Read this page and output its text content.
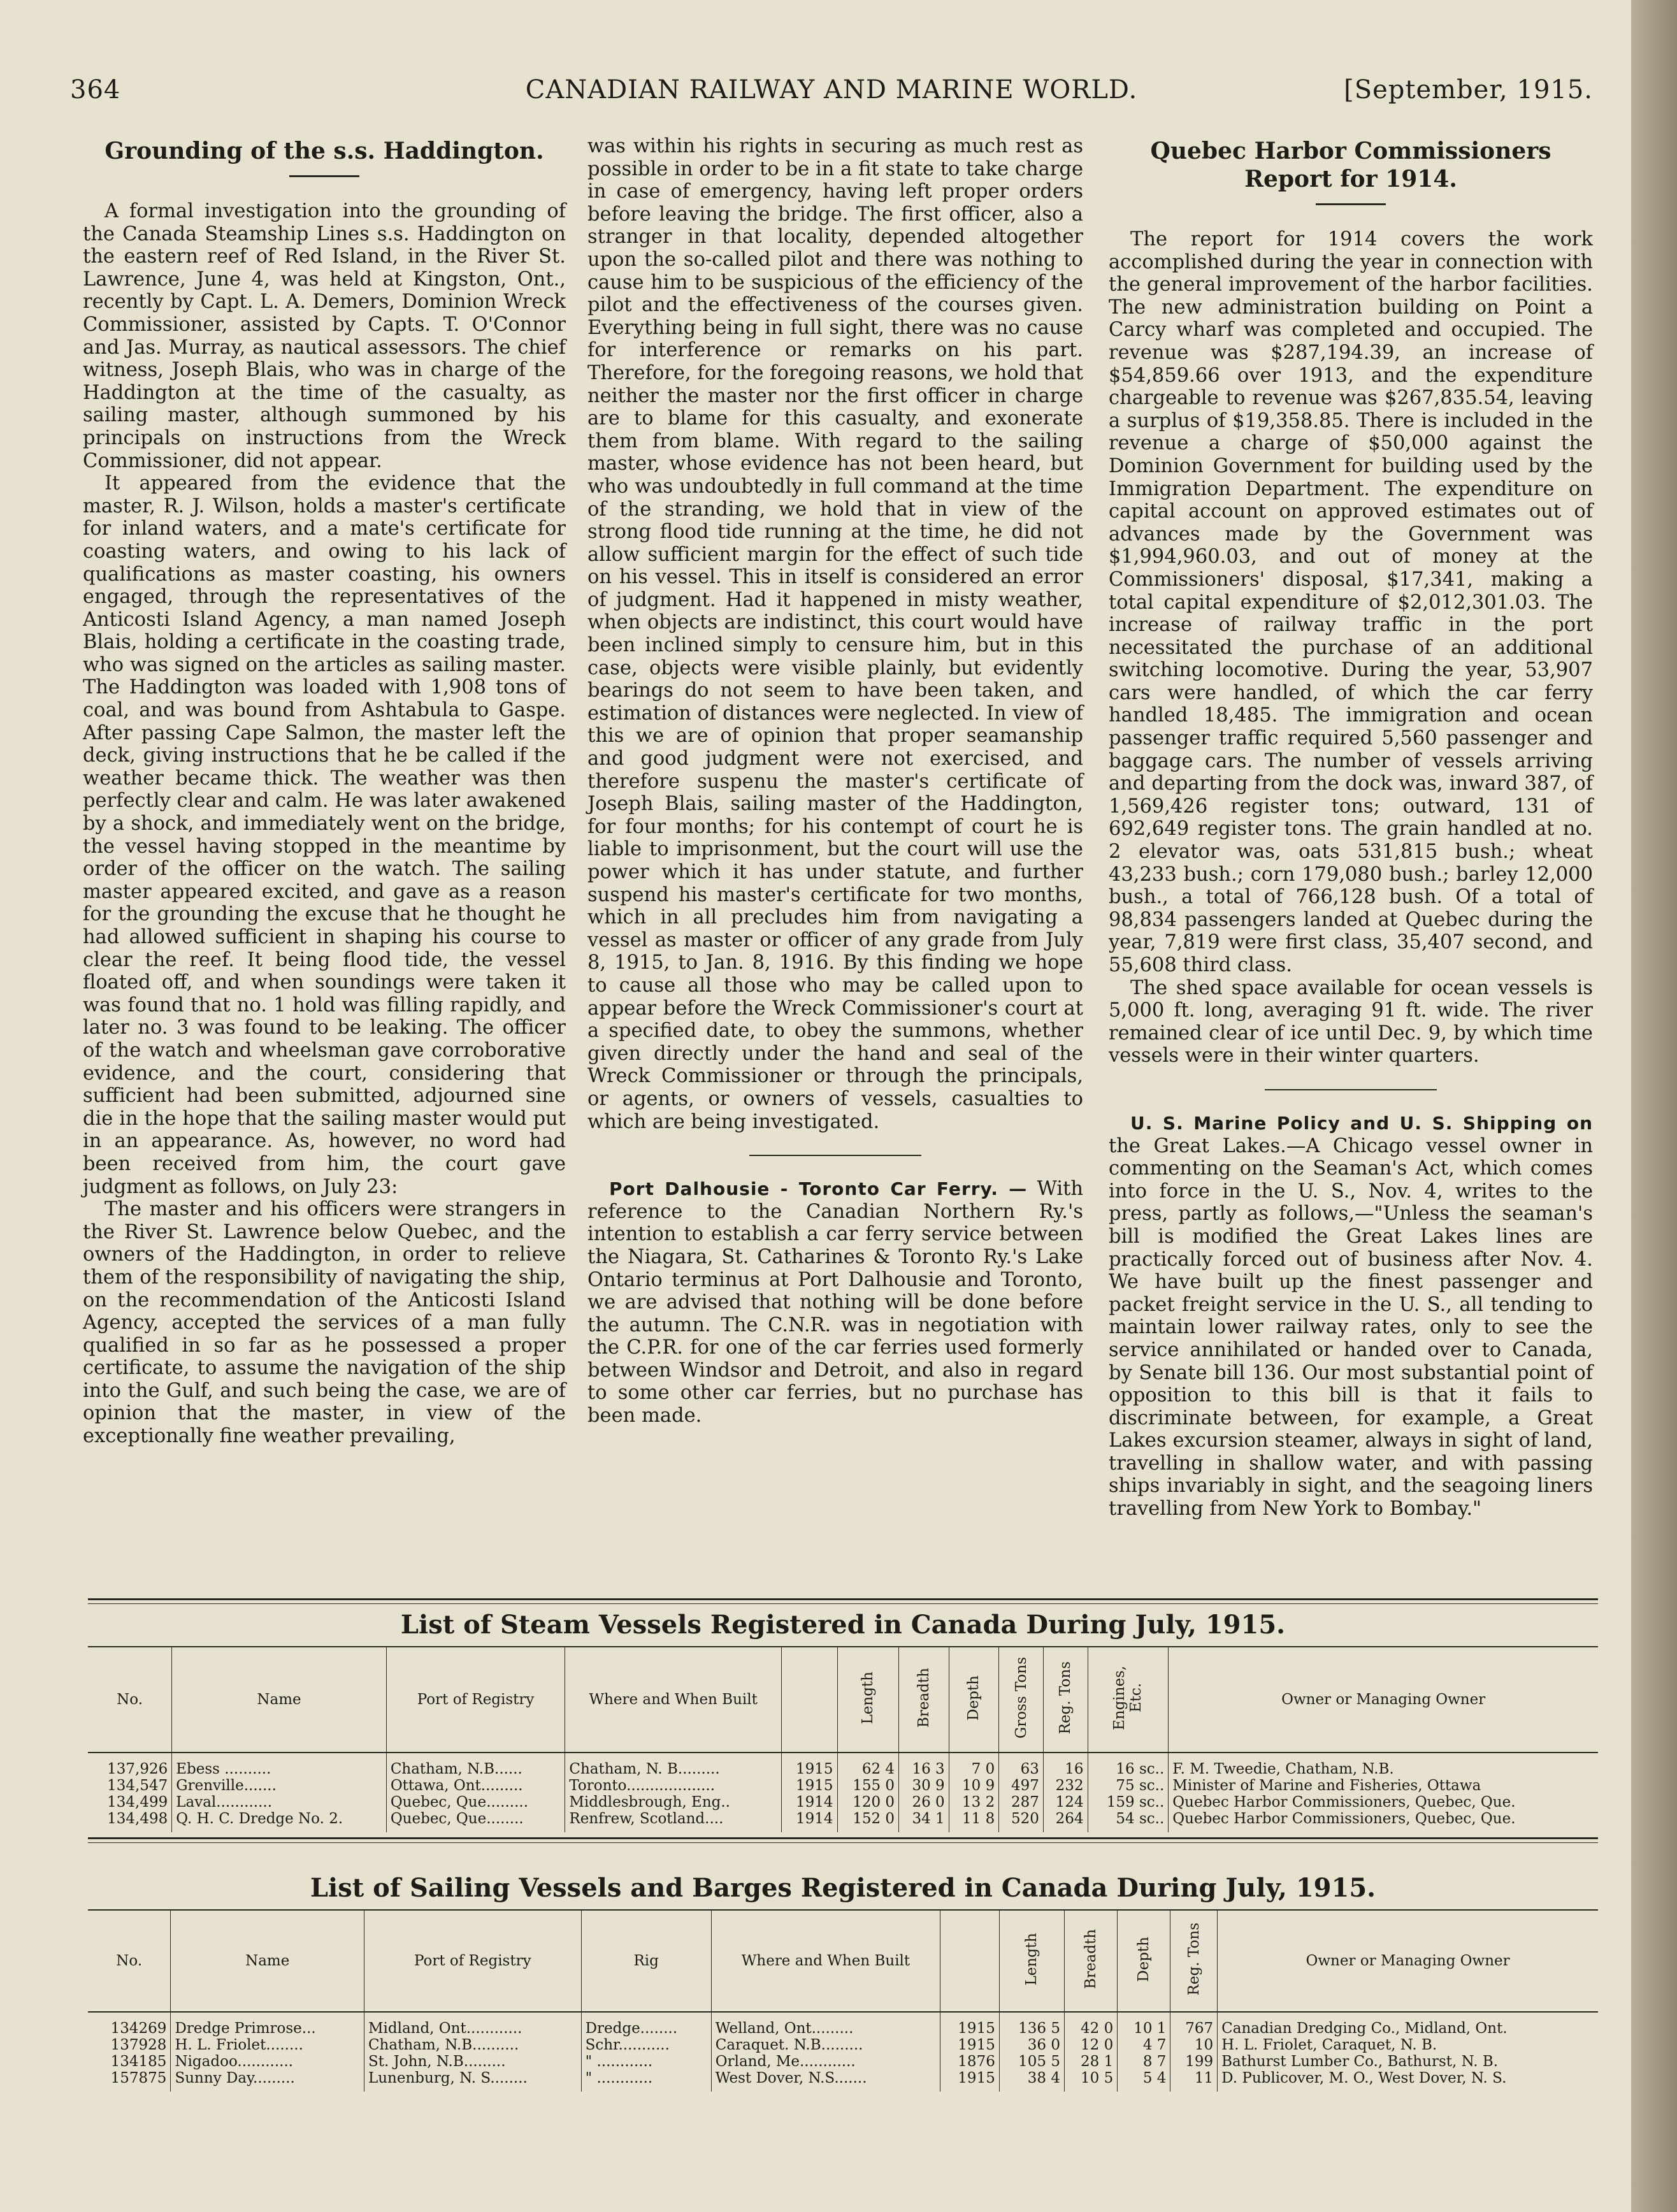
364	CANADIAN RAILWAY AND MARINE WORLD.	[September, 1915.
Grounding of the s.s. Haddington.

A formal investigation into the grounding of the Canada Steamship Lines s.s. Haddington on the eastern reef of Red Island, in the River St. Lawrence, June 4, was held at Kingston, Ont., recently by Capt. L. A. Demers, Dominion Wreck Commissioner, assisted by Capts. T. O'Connor and Jas. Murray, as nautical assessors. The chief witness, Joseph Blais, who was in charge of the Haddington at the time of the casualty, as sailing master, although summoned by his principals on instructions from the Wreck Commissioner, did not appear.

It appeared from the evidence that the master, R. J. Wilson, holds a master's certificate for inland waters, and a mate's certificate for coasting waters, and owing to his lack of qualifications as master coasting, his owners engaged, through the representatives of the Anticosti Island Agency, a man named Joseph Blais, holding a certificate in the coasting trade, who was signed on the articles as sailing master. The Haddington was loaded with 1,908 tons of coal, and was bound from Ashtabula to Gaspe. After passing Cape Salmon, the master left the deck, giving instructions that he be called if the weather became thick. The weather was then perfectly clear and calm. He was later awakened by a shock, and immediately went on the bridge, the vessel having stopped in the meantime by order of the officer on the watch. The sailing master appeared excited, and gave as a reason for the grounding the excuse that he thought he had allowed sufficient in shaping his course to clear the reef. It being flood tide, the vessel floated off, and when soundings were taken it was found that no. 1 hold was filling rapidly, and later no. 3 was found to be leaking. The officer of the watch and wheelsman gave corroborative evidence, and the court, considering that sufficient had been submitted, adjourned sine die in the hope that the sailing master would put in an appearance. As, however, no word had been received from him, the court gave judgment as follows, on July 23:

The master and his officers were strangers in the River St. Lawrence below Quebec, and the owners of the Haddington, in order to relieve them of the responsibility of navigating the ship, on the recommendation of the Anticosti Island Agency, accepted the services of a man fully qualified in so far as he possessed a proper certificate, to assume the navigation of the ship into the Gulf, and such being the case, we are of opinion that the master, in view of the exceptionally fine weather prevailing,

was within his rights in securing as much rest as possible in order to be in a fit state to take charge in case of emergency, having left proper orders before leaving the bridge. The first officer, also a stranger in that locality, depended altogether upon the so-called pilot and there was nothing to cause him to be suspicious of the efficiency of the pilot and the effectiveness of the courses given. Everything being in full sight, there was no cause for interference or remarks on his part. Therefore, for the foregoing reasons, we hold that neither the master nor the first officer in charge are to blame for this casualty, and exonerate them from blame. With regard to the sailing master, whose evidence has not been heard, but who was undoubtedly in full command at the time of the stranding, we hold that in view of the strong flood tide running at the time, he did not allow sufficient margin for the effect of such tide on his vessel. This in itself is considered an error of judgment. Had it happened in misty weather, when objects are indistinct, this court would have been inclined simply to censure him, but in this case, objects were visible plainly, but evidently bearings do not seem to have been taken, and estimation of distances were neglected. In view of this we are of opinion that proper seamanship and good judgment were not exercised, and therefore suspenu the master's certificate of Joseph Blais, sailing master of the Haddington, for four months; for his contempt of court he is liable to imprisonment, but the court will use the power which it has under statute, and further suspend his master's certificate for two months, which in all precludes him from navigating a vessel as master or officer of any grade from July 8, 1915, to Jan. 8, 1916. By this finding we hope to cause all those who may be called upon to appear before the Wreck Commissioner's court at a specified date, to obey the summons, whether given directly under the hand and seal of the Wreck Commissioner or through the principals, or agents, or owners of vessels, casualties to which are being investigated.

Port Dalhousie - Toronto Car Ferry. — With reference to the Canadian Northern Ry.'s intention to establish a car ferry service between the Niagara, St. Catharines & Toronto Ry.'s Lake Ontario terminus at Port Dalhousie and Toronto, we are advised that nothing will be done before the autumn. The C.N.R. was in negotiation with the C.P.R. for one of the car ferries used formerly between Windsor and Detroit, and also in regard to some other car ferries, but no purchase has been made.

Quebec Harbor Commissioners Report for 1914.

The report for 1914 covers the work accomplished during the year in connection with the general improvement of the harbor facilities. The new administration building on Point a Carcy wharf was completed and occupied. The revenue was $287,194.39, an increase of $54,859.66 over 1913, and the expenditure chargeable to revenue was $267,835.54, leaving a surplus of $19,358.85. There is included in the revenue a charge of $50,000 against the Dominion Government for building used by the Immigration Department. The expenditure on capital account on approved estimates out of advances made by the Government was $1,994,960.03, and out of money at the Commissioners' disposal, $17,341, making a total capital expenditure of $2,012,301.03. The increase of railway traffic in the port necessitated the purchase of an additional switching locomotive. During the year, 53,907 cars were handled, of which the car ferry handled 18,485. The immigration and ocean passenger traffic required 5,560 passenger and baggage cars. The number of vessels arriving and departing from the dock was, inward 387, of 1,569,426 register tons; outward, 131 of 692,649 register tons. The grain handled at no. 2 elevator was, oats 531,815 bush.; wheat 43,233 bush.; corn 179,080 bush.; barley 12,000 bush., a total of 766,128 bush. Of a total of 98,834 passengers landed at Quebec during the year, 7,819 were first class, 35,407 second, and 55,608 third class.

The shed space available for ocean vessels is 5,000 ft. long, averaging 91 ft. wide. The river remained clear of ice until Dec. 9, by which time vessels were in their winter quarters.

U. S. Marine Policy and U. S. Shipping on the Great Lakes.—A Chicago vessel owner in commenting on the Seaman's Act, which comes into force in the U. S., Nov. 4, writes to the press, partly as follows,—"Unless the seaman's bill is modified the Great Lakes lines are practically forced out of business after Nov. 4. We have built up the finest passenger and packet freight service in the U. S., all tending to maintain lower railway rates, only to see the service annihilated or handed over to Canada, by Senate bill 136. Our most substantial point of opposition to this bill is that it fails to discriminate between, for example, a Great Lakes excursion steamer, always in sight of land, travelling in shallow water, and with passing ships invariably in sight, and the seagoing liners travelling from New York to Bombay."

List of Steam Vessels Registered in Canada During July, 1915.
No.	Name	Port of Registry	Where and When Built		Length	Breadth	Depth	Gross Tons	Reg. Tons	Engines, Etc.	Owner or Managing Owner
137,926	Ebess ..........	Chatham, N.B......	Chatham, N. B.........	1915	62 4	16 3	7 0	63	16	16 sc..	F. M. Tweedie, Chatham, N.B.
134,547	Grenville.......	Ottawa, Ont.........	Toronto...................	1915	155 0	30 9	10 9	497	232	75 sc..	Minister of Marine and Fisheries, Ottawa
134,499	Laval............	Quebec, Que.........	Middlesbrough, Eng..	1914	120 0	26 0	13 2	287	124	159 sc..	Quebec Harbor Commissioners, Quebec, Que.
134,498	Q. H. C. Dredge No. 2.	Quebec, Que........	Renfrew, Scotland....	1914	152 0	34 1	11 8	520	264	54 sc..	Quebec Harbor Commissioners, Quebec, Que.
List of Sailing Vessels and Barges Registered in Canada During July, 1915.
No.	Name	Port of Registry	Rig	Where and When Built		Length	Breadth	Depth	Reg. Tons	Owner or Managing Owner
134269	Dredge Primrose...	Midland, Ont............	Dredge........	Welland, Ont.........	1915	136 5	42 0	10 1	767	Canadian Dredging Co., Midland, Ont.
137928	H. L. Friolet........	Chatham, N.B..........	Schr...........	Caraquet. N.B.........	1915	36 0	12 0	4 7	10	H. L. Friolet, Caraquet, N. B.
134185	Nigadoo............	St. John, N.B.........	" ............	Orland, Me............	1876	105 5	28 1	8 7	199	Bathurst Lumber Co., Bathurst, N. B.
157875	Sunny Day.........	Lunenburg, N. S........	" ............	West Dover, N.S.......	1915	38 4	10 5	5 4	11	D. Publicover, M. O., West Dover, N. S.
